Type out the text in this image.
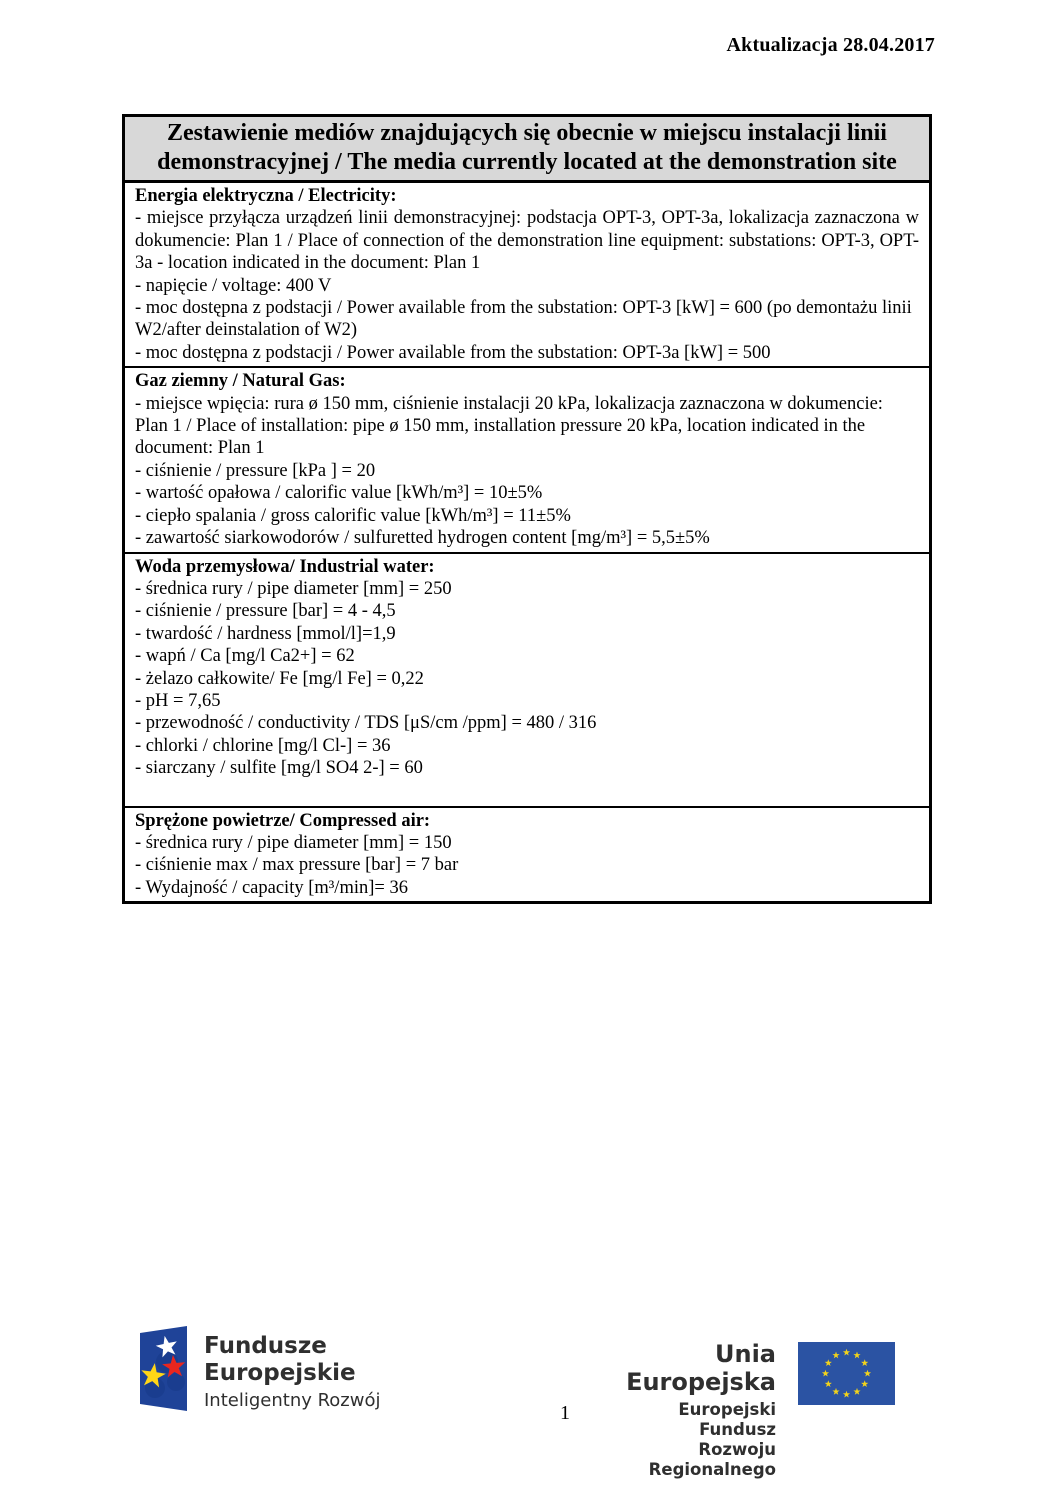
Aktualizacja 28.04.2017
Zestawienie mediów znajdujących się obecnie w miejscu instalacji linii demonstracyjnej / The media currently located at the demonstration site
Energia elektryczna / Electricity:
- miejsce przyłącza urządzeń linii demonstracyjnej: podstacja OPT-3, OPT-3a, lokalizacja zaznaczona w dokumencie: Plan 1 / Place of connection of the demonstration line equipment: substations: OPT-3, OPT-3a - location indicated in the document: Plan 1
- napięcie / voltage: 400 V
- moc dostępna z podstacji / Power available from the substation: OPT-3 [kW] = 600 (po demontażu linii W2/after deinstalation of W2)
- moc dostępna z podstacji / Power available from the substation: OPT-3a [kW] = 500
Gaz ziemny / Natural Gas:
- miejsce wpięcia: rura ø 150 mm, ciśnienie instalacji 20 kPa, lokalizacja zaznaczona w dokumencie: Plan 1 / Place of installation: pipe ø 150 mm, installation pressure 20 kPa, location indicated in the document: Plan 1
- ciśnienie / pressure [kPa ] = 20
- wartość opałowa / calorific value [kWh/m³] = 10±5%
- ciepło spalania / gross calorific value [kWh/m³] = 11±5%
- zawartość siarkowodorów / sulfuretted hydrogen content [mg/m³] = 5,5±5%
Woda przemysłowa/ Industrial water:
- średnica rury / pipe diameter [mm] = 250
- ciśnienie / pressure [bar] = 4 - 4,5
- twardość / hardness [mmol/l]=1,9
- wapń / Ca [mg/l Ca2+] = 62
- żelazo całkowite/ Fe [mg/l Fe] = 0,22
- pH = 7,65
- przewodność / conductivity / TDS [μS/cm /ppm] = 480 / 316
- chlorki / chlorine [mg/l Cl-] = 36
- siarczany / sulfite [mg/l SO4 2-] = 60
Sprężone powietrze/ Compressed air:
- średnica rury / pipe diameter [mm] = 150
- ciśnienie max / max pressure [bar] = 7 bar
- Wydajność / capacity [m³/min]= 36
Fundusze
Europejskie
Inteligentny Rozwój
Unia Europejska
Europejski Fundusz
Rozwoju Regionalnego
1
